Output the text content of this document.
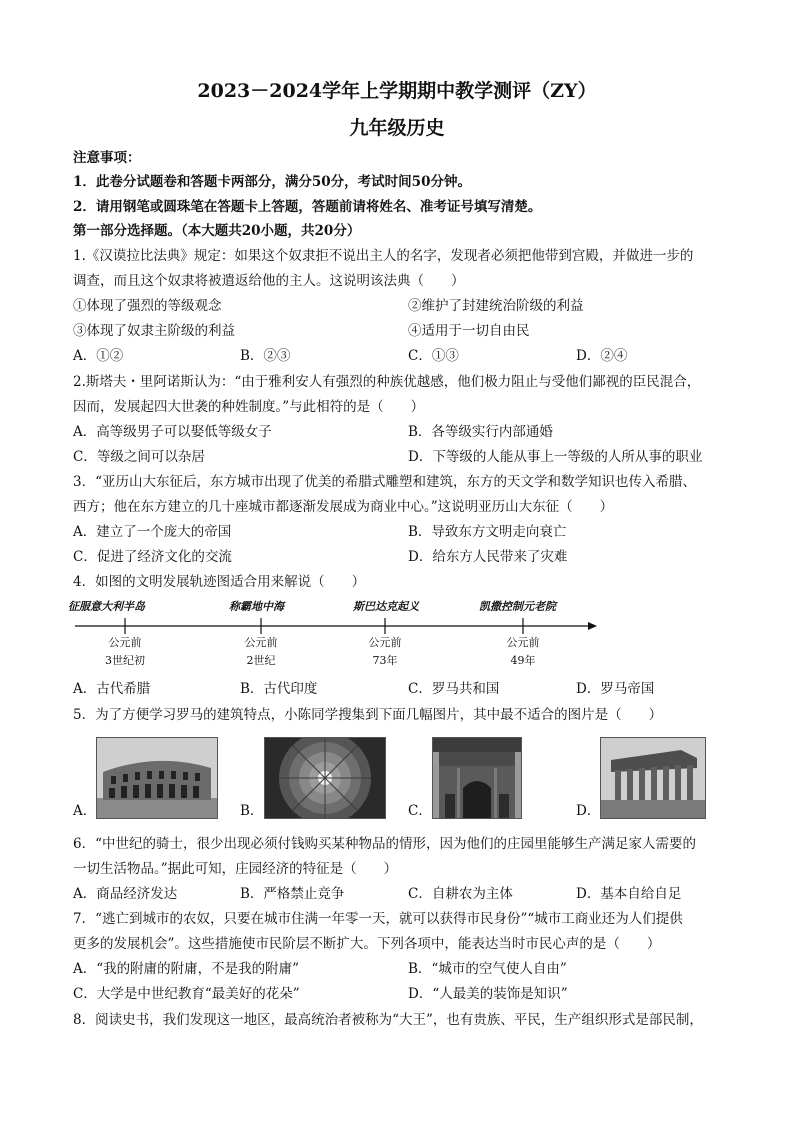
2023－2024学年上学期期中教学测评（ZY）
九年级历史
注意事项：
1．此卷分试题卷和答题卡两部分，满分50分，考试时间50分钟。
2．请用钢笔或圆珠笔在答题卡上答题，答题前请将姓名、准考证号填写清楚。
第一部分选择题。（本大题共20小题，共20分）
1.《汉谟拉比法典》规定：如果这个奴隶拒不说出主人的名字，发现者必须把他带到宫殿，并做进一步的
调查，而且这个奴隶将被遣返给他的主人。这说明该法典（　　）
①体现了强烈的等级观念	②维护了封建统治阶级的利益
③体现了奴隶主阶级的利益	④适用于一切自由民
A．①②	B．②③	C．①③	D．②④
2.斯塔夫・里阿诺斯认为：“由于雅利安人有强烈的种族优越感，他们极力阻止与受他们鄙视的臣民混合，
因而，发展起四大世袭的种姓制度。”与此相符的是（　　）
A．高等级男子可以娶低等级女子	B．各等级实行内部通婚
C．等级之间可以杂居	D．下等级的人能从事上一等级的人所从事的职业
3．“亚历山大东征后，东方城市出现了优美的希腊式雕塑和建筑，东方的天文学和数学知识也传入希腊、
西方；他在东方建立的几十座城市都逐渐发展成为商业中心。”这说明亚历山大东征（　　）
A．建立了一个庞大的帝国	B．导致东方文明走向衰亡
C．促进了经济文化的交流	D．给东方人民带来了灾难
4．如图的文明发展轨迹图适合用来解说（　　）
征服意大利半岛	称霸地中海	斯巴达克起义	凯撒控制元老院
公元前
3世纪初
公元前
2世纪
公元前
73年
公元前
49年
A．古代希腊	B．古代印度	C．罗马共和国	D．罗马帝国
5．为了方便学习罗马的建筑特点，小陈同学搜集到下面几幅图片，其中最不适合的图片是（　　）
A．	B．	C．	D．
6．“中世纪的骑士，很少出现必须付钱购买某种物品的情形，因为他们的庄园里能够生产满足家人需要的
一切生活物品。”据此可知，庄园经济的特征是（　　）
A．商品经济发达	B．严格禁止竞争	C．自耕农为主体	D．基本自给自足
7．“逃亡到城市的农奴，只要在城市住满一年零一天，就可以获得市民身份”“城市工商业还为人们提供
更多的发展机会”。这些措施使市民阶层不断扩大。下列各项中，能表达当时市民心声的是（　　）
A．“我的附庸的附庸，不是我的附庸”	B．“城市的空气使人自由”
C．大学是中世纪教育“最美好的花朵”	D．“人最美的装饰是知识”
8．阅读史书，我们发现这一地区，最高统治者被称为“大王”，也有贵族、平民，生产组织形式是部民制，
